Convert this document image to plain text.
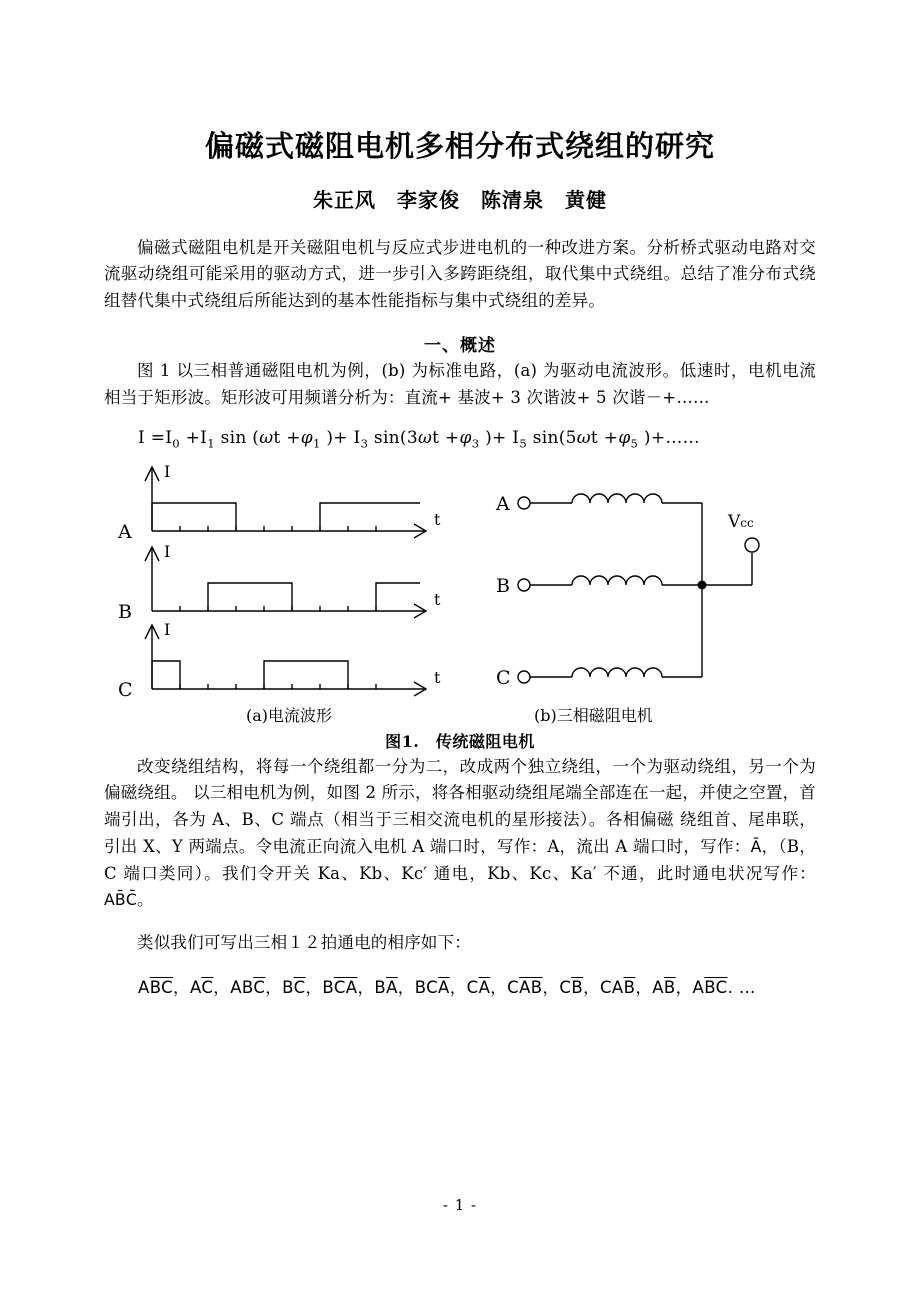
偏磁式磁阻电机多相分布式绕组的研究
朱正风　李家俊　陈清泉　黄健

偏磁式磁阻电机是开关磁阻电机与反应式步进电机的一种改进方案。分析桥式驱动电路对交流驱动绕组可能采用的驱动方式，进一步引入多跨距绕组，取代集中式绕组。总结了准分布式绕组替代集中式绕组后所能达到的基本性能指标与集中式绕组的差异。

一、概述

图 1 以三相普通磁阻电机为例，(b) 为标准电路，(a) 为驱动电流波形。低速时，电机电流相当于矩形波。矩形波可用频谱分析为：直流+ 基波+ 3 次谐波+ 5 次谐－+……

$I =I_0 +I_1$ $\sin (\omega t +\varphi_1$ )+ $I_3$ $\sin(3\omega t +\varphi_3$ )+ $I_5$ $\sin(5\omega t +\varphi_5$ )+……
A
B
C
I
I
I
t
t
t
A
B
C
Vcc
(a)电流波形	(b)三相磁阻电机
图1.　传统磁阻电机

改变绕组结构，将每一个绕组都一分为二，改成两个独立绕组，一个为驱动绕组，另一个为偏磁绕组。 以三相电机为例，如图 2 所示，将各相驱动绕组尾端全部连在一起，并使之空置，首端引出，各为 A、B、C 端点（相当于三相交流电机的星形接法）。各相偏磁 绕组首、尾串联，引出 X、Y 两端点。令电流正向流入电机 A 端口时，写作：A，流出 A 端口时，写作：Ā，（B，C 端口类同）。我们令开关 Ka、Kb、Kc′ 通电，Kb、Kc、Ka′ 不通，此时通电状况写作：AB̄C̄。

类似我们可写出三相１２拍通电的相序如下：

$A\overline{B}\overline{C}$，$A\overline{C}$，$AB\overline{C}$，$B\overline{C}$，$B\overline{C}\overline{A}$，$B\overline{A}$，$BC\overline{A}$，$C\overline{A}$，$C\overline{A}\overline{B}$，$C\overline{B}$，$CA\overline{B}$，$A\overline{B}$，$A\overline{B}\overline{C}$. …
- 1 -
